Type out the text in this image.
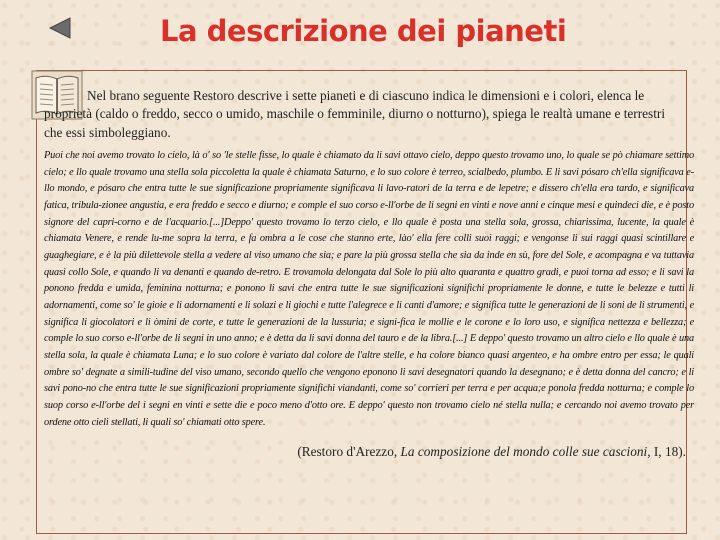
La descrizione dei pianeti

Nel brano seguente Restoro descrive i sette pianeti e di ciascuno indica le dimensioni e i colori, elenca le proprietà (caldo o freddo, secco o umido, maschile o femminile, diurno o notturno), spiega le realtà umane e terrestri che essi simboleggiano.

Puoi che noi avemo trovato lo cielo, là o' so 'le stelle fisse, lo quale è chiamato da li savi ottavo cielo, deppo questo trovamo uno, lo quale se pò chiamare settimo cielo; e llo quale trovamo una stella sola piccoletta la quale è chiamata Saturno, e lo suo colore è terreo, scialbedo, plumbo. E li savi pósaro ch'ella significava e-llo mondo, e pósaro che entra tutte le sue significazione propriamente significava li lavo-ratori de la terra e de lepetre; e dissero ch'ella era tardo, e significava fatica, tribula-zionee angustia, e era freddo e secco e diurno; e comple el suo corso e-ll'orbe de li segni en vinti e nove anni e cinque mesi e quindeci die, e è posto signore del capri-corno e de l'acquario.[...]Deppo' questo trovamo lo terzo cielo, e llo quale è posta una stella sola, grossa, chiarissima, lucente, la quale è chiamata Venere, e rende lu-me sopra la terra, e fa ombra a le cose che stanno erte, lào' ella fere colli suoi raggi; e vengonse li sui raggi quasi scintillare e guaghegiare, e è la più dilettevole stella a vedere al viso umano che sia; e pare la più grossa stella che sia da inde en sù, fore del Sole, e acompagna e va tuttavia quasi collo Sole, e quando li va denanti e quando de-retro. E trovamola delongata dal Sole lo più alto quaranta e quattro gradi, e puoi torna ad esso; e li savi la ponono fredda e umida, feminina notturna; e ponono li savi che entra tutte le sue significazioni significhi propriamente le donne, e tutte le belezze e tutti li adornamenti, come so' le gioie e li adornamenti e li solazi e li giochi e tutte l'alegrece e li canti d'amore; e significa tutte le generazioni de li soni de li strumenti, e significa li giocolatori e li òmini de corte, e tutte le generazioni de la lussuria; e signi-fica le mollie e le corone e lo loro uso, e significa nettezza e bellezza; e comple lo suo corso e-ll'orbe de li segni in uno anno; e è detta da li savi donna del tauro e de la libra.[...] E deppo' questo trovamo un altro cielo e llo quale è una stella sola, la quale è chiamata Luna; e lo suo colore è variato dal colore de l'altre stelle, e ha colore bianco quasi argenteo, e ha ombre entro per essa; le quali ombre so' degnate a simili-tudine del viso umano, secondo quello che vengono eponono li savi desegnatori quando la desegnano; e è detta donna del cancro; e li savi pono-no che entra tutte le sue significazioni propriamente significhi viandanti, come so' corrieri per terra e per acqua;e ponola fredda notturna; e comple lo suop corso e-ll'orbe del i segni en vinti e sette die e poco meno d'otto ore. E deppo' questo non trovamo cielo né stella nulla; e cercando noi avemo trovato per ordene otto cieli stellati, li quali so' chiamati otto spere.

(Restoro d'Arezzo, La composizione del mondo colle sue cascioni, I, 18).
